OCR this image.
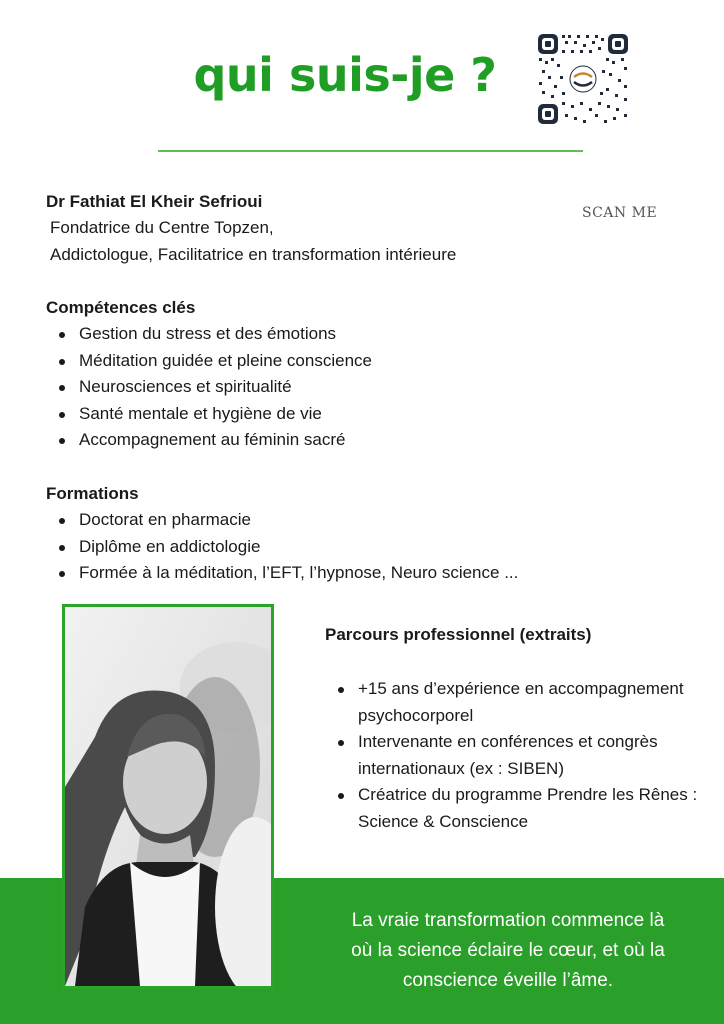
qui suis-je ?
SCAN ME
Dr Fathiat El Kheir Sefrioui
Fondatrice du Centre Topzen,
Addictologue, Facilitatrice en transformation intérieure
Compétences clés
Gestion du stress et des émotions
Méditation guidée et pleine conscience
Neurosciences et spiritualité
Santé mentale et hygiène de vie
Accompagnement au féminin sacré
Formations
Doctorat en pharmacie
Diplôme en addictologie
Formée à la méditation, l’EFT, l’hypnose, Neuro science ...
Parcours professionnel (extraits)
+15 ans d’expérience en accompagnement psychocorporel
Intervenante en conférences et congrès internationaux (ex : SIBEN)
Créatrice du programme Prendre les Rênes : Science & Conscience
La vraie transformation commence là
où la science éclaire le cœur, et où la
conscience éveille l’âme.
